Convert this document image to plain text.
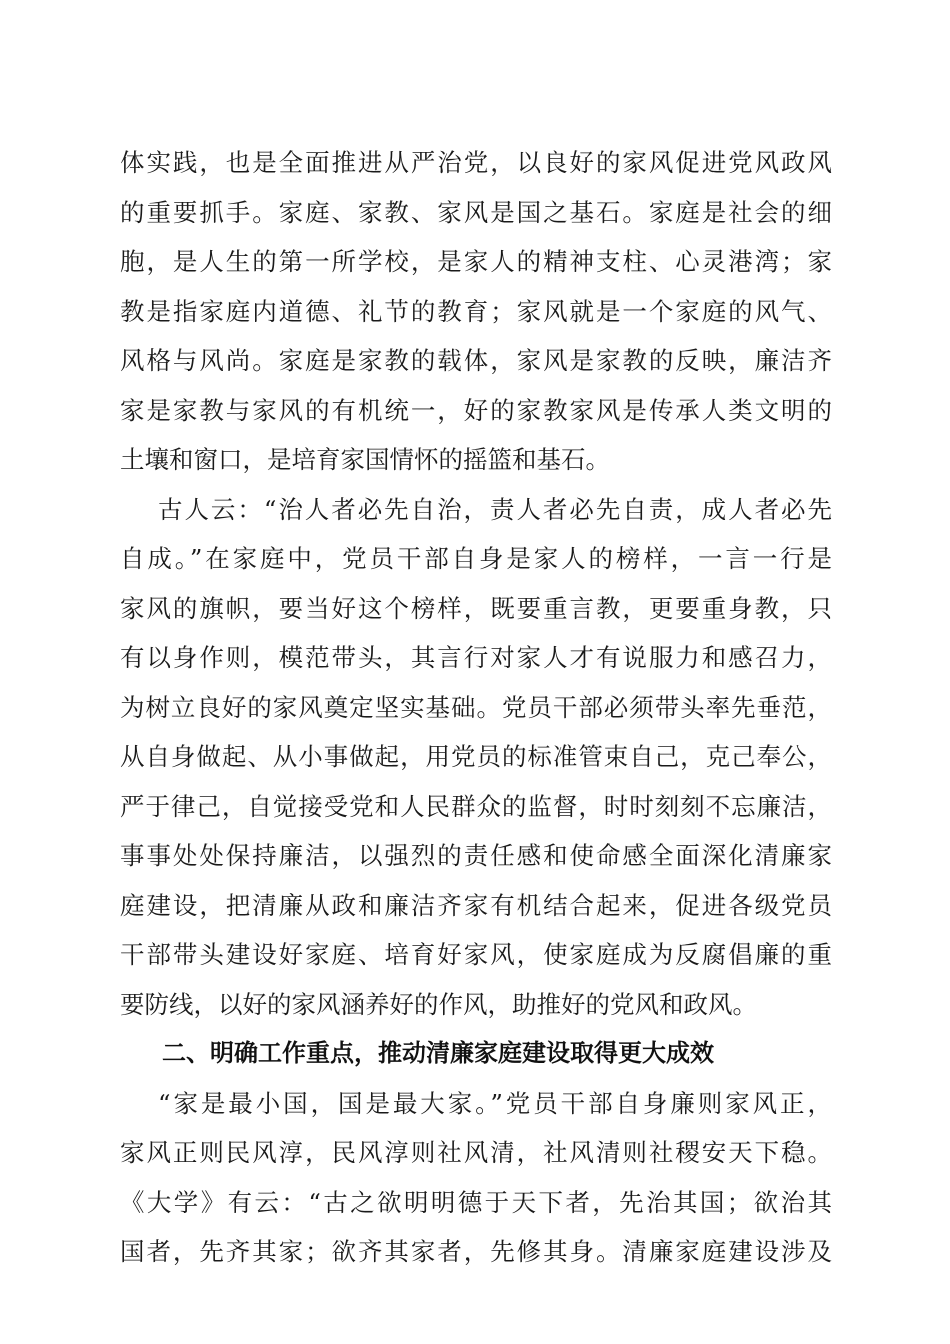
体实践，也是全面推进从严治党，以良好的家风促进党风政风
的重要抓手。家庭、家教、家风是国之基石。家庭是社会的细
胞，是人生的第一所学校，是家人的精神支柱、心灵港湾；家
教是指家庭内道德、礼节的教育；家风就是一个家庭的风气、
风格与风尚。家庭是家教的载体，家风是家教的反映，廉洁齐
家是家教与家风的有机统一，好的家教家风是传承人类文明的
土壤和窗口，是培育家国情怀的摇篮和基石。
古人云：“治人者必先自治，责人者必先自责，成人者必先
自成。”在家庭中，党员干部自身是家人的榜样，一言一行是
家风的旗帜，要当好这个榜样，既要重言教，更要重身教，只
有以身作则，模范带头，其言行对家人才有说服力和感召力，
为树立良好的家风奠定坚实基础。党员干部必须带头率先垂范，
从自身做起、从小事做起，用党员的标准管束自己，克己奉公，
严于律己，自觉接受党和人民群众的监督，时时刻刻不忘廉洁，
事事处处保持廉洁，以强烈的责任感和使命感全面深化清廉家
庭建设，把清廉从政和廉洁齐家有机结合起来，促进各级党员
干部带头建设好家庭、培育好家风，使家庭成为反腐倡廉的重
要防线，以好的家风涵养好的作风，助推好的党风和政风。
二、明确工作重点，推动清廉家庭建设取得更大成效
“家是最小国，国是最大家。”党员干部自身廉则家风正，
家风正则民风淳，民风淳则社风清，社风清则社稷安天下稳。
《大学》有云：“古之欲明明德于天下者，先治其国；欲治其
国者，先齐其家；欲齐其家者，先修其身。清廉家庭建设涉及
